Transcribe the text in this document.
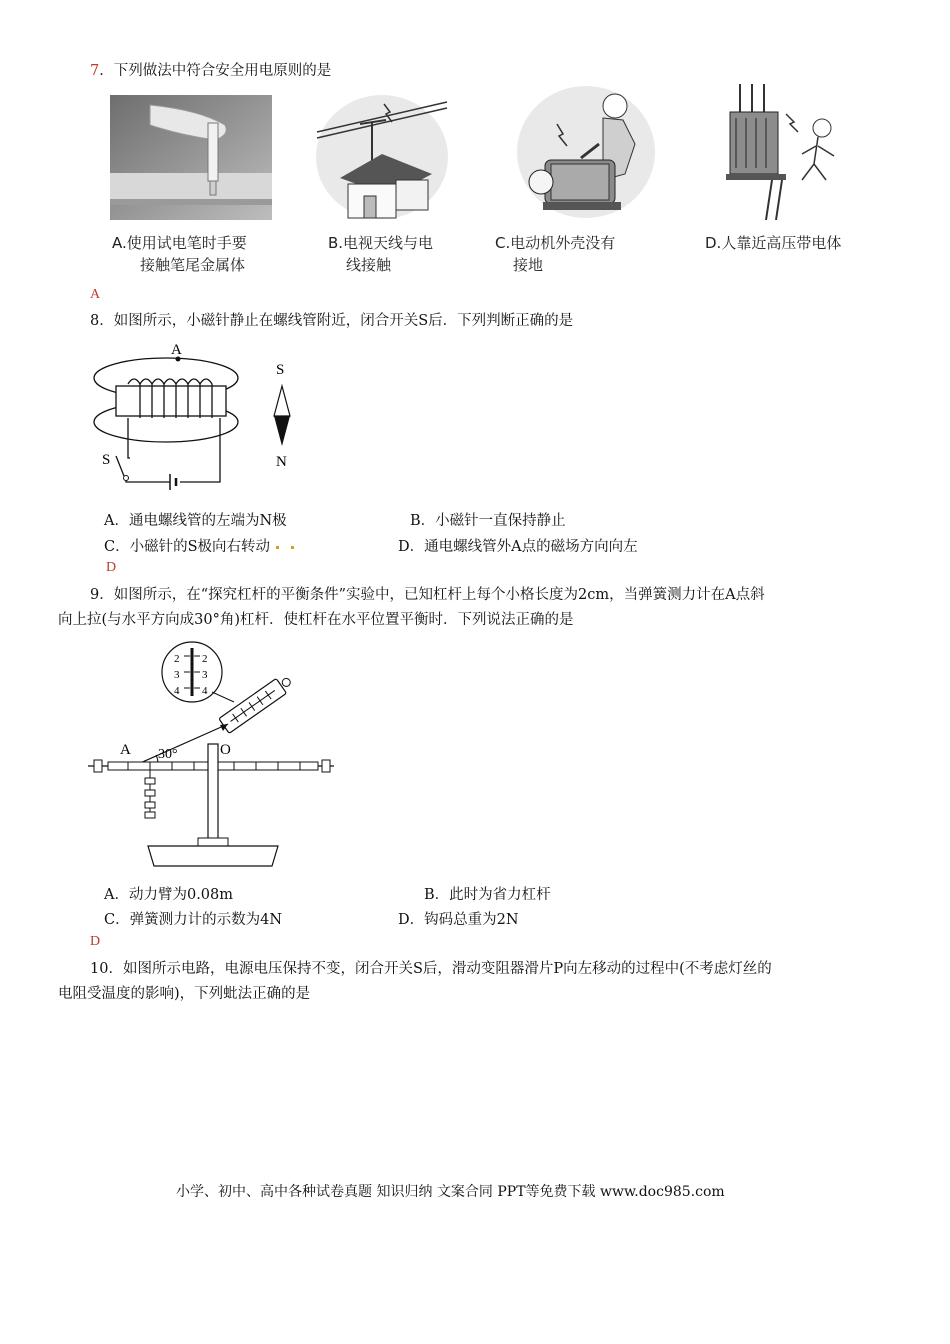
7．下列做法中符合安全用电原则的是
A.使用试电笔时手要
接触笔尾金属体
B.电视天线与电
线接触
C.电动机外壳没有
接地
D.人靠近高压带电体
A
8．如图所示，小磁针静止在螺线管附近，闭合开关S后．下列判断正确的是
A
S
S
N
A．通电螺线管的左端为N极	B．小磁针一直保持静止
C．小磁针的S极向右转动	D．通电螺线管外A点的磁场方向向左
D
9．如图所示，在“探究杠杆的平衡条件”实验中，已知杠杆上每个小格长度为2cm，当弹簧测力计在A点斜
向上拉(与水平方向成30°角)杠杆．使杠杆在水平位置平衡时．下列说法正确的是
2
3
4
2
3
4
30°
A	O
A．动力臂为0.08m	B．此时为省力杠杆
C．弹簧测力计的示数为4N	D．钩码总重为2N
D
10．如图所示电路，电源电压保持不变，闭合开关S后，滑动变阻器滑片P向左移动的过程中(不考虑灯丝的
电阻受温度的影响)，下列蚍法正确的是
小学、初中、高中各种试卷真题 知识归纳 文案合同 PPT等免费下载 www.doc985.com
